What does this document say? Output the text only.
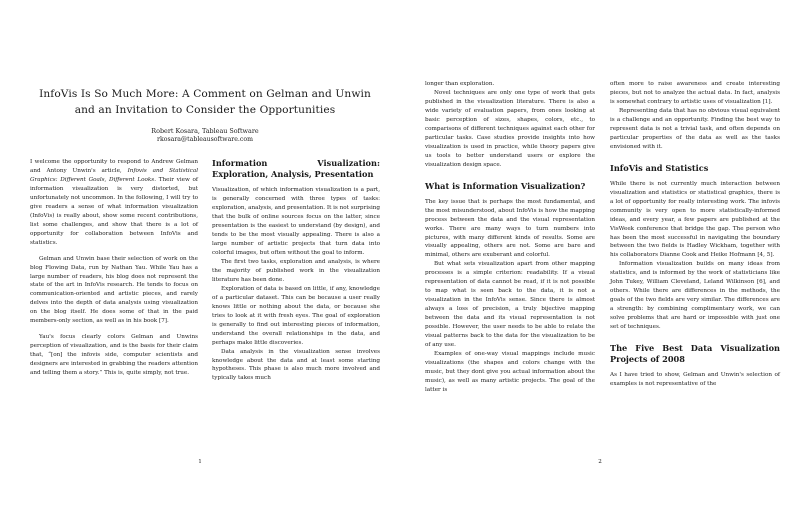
InfoVis Is So Much More: A Comment on Gelman and Unwin
and an Invitation to Consider the Opportunities

Robert Kosara, Tableau Software

rkosara@tableausoftware.com

I welcome the opportunity to respond to Andrew Gelman and Antony Unwin's article, Infovis and Statistical Graphics: Different Goals, Different Looks. Their view of information visualization is very distorted, but unfortunately not uncommon. In the following, I will try to give readers a sense of what information visualization (InfoVis) is really about, show some recent contributions, list some challenges, and show that there is a lot of opportunity for collaboration between InfoVis and statistics.

Gelman and Unwin base their selection of work on the blog Flowing Data, run by Nathan Yau. While Yau has a large number of readers, his blog does not represent the state of the art in InfoVis research. He tends to focus on communication-oriented and artistic pieces, and rarely delves into the depth of data analysis using visualization on the blog itself. He does some of that in the paid members-only section, as well as in his book [7].

Yau's focus clearly colors Gelman and Unwins perception of visualization, and is the basis for their claim that, “[on] the infovis side, computer scientists and designers are interested in grabbing the readers attention and telling them a story.” This is, quite simply, not true.

Information Visualization: Exploration, Analysis, Presentation

Visualization, of which information visualization is a part, is generally concerned with three types of tasks: exploration, analysis, and presentation. It is not surprising that the bulk of online sources focus on the latter, since presentation is the easiest to understand (by design), and tends to be the most visually appealing. There is also a large number of artistic projects that turn data into colorful images, but often without the goal to inform.

The first two tasks, exploration and analysis, is where the majority of published work in the visualization literature has been done.

Exploration of data is based on little, if any, knowledge of a particular dataset. This can be because a user really knows little or nothing about the data, or because she tries to look at it with fresh eyes. The goal of exploration is generally to find out interesting pieces of information, understand the overall relationships in the data, and perhaps make little discoveries.

Data analysis in the visualization sense involves knowledge about the data and at least some starting hypotheses. This phase is also much more involved and typically takes much

1

longer than exploration.

Novel techniques are only one type of work that gets published in the visualization literature. There is also a wide variety of evaluation papers, from ones looking at basic perception of sizes, shapes, colors, etc., to comparisons of different techniques against each other for particular tasks. Case studies provide insights into how visualization is used in practice, while theory papers give us tools to better understand users or explore the visualization design space.

What is Information Visualization?

The key issue that is perhaps the most fundamental, and the most misunderstood, about InfoVis is how the mapping process between the data and the visual representation works. There are many ways to turn numbers into pictures, with many different kinds of results. Some are visually appealing, others are not. Some are bare and minimal, others are exuberant and colorful.

But what sets visualization apart from other mapping processes is a simple criterion: readability. If a visual representation of data cannot be read, if it is not possible to map what is seen back to the data, it is not a visualization in the InfoVis sense. Since there is almost always a loss of precision, a truly bijective mapping between the data and its visual representation is not possible. However, the user needs to be able to relate the visual patterns back to the data for the visualization to be of any use.

Examples of one-way visual mappings include music visualizations (the shapes and colors change with the music, but they dont give you actual information about the music), as well as many artistic projects. The goal of the latter is

often more to raise awareness and create interesting pieces, but not to analyze the actual data. In fact, analysis is somewhat contrary to artistic uses of visualization [1].

Representing data that has no obvious visual equivalent is a challenge and an opportunity. Finding the best way to represent data is not a trivial task, and often depends on particular properties of the data as well as the tasks envisioned with it.

InfoVis and Statistics

While there is not currently much interaction between visualization and statistics or statistical graphics, there is a lot of opportunity for really interesting work. The infovis community is very open to more statistically-informed ideas, and every year, a few papers are published at the VisWeek conference that bridge the gap. The person who has been the most successful in navigating the boundary between the two fields is Hadley Wickham, together with his collaborators Dianne Cook and Heike Hofmann [4, 5].

Information visualization builds on many ideas from statistics, and is informed by the work of statisticians like John Tukey, William Cleveland, Leland Wilkinson [6], and others. While there are differences in the methods, the goals of the two fields are very similar. The differences are a strength: by combining complimentary work, we can solve problems that are hard or impossible with just one set of techniques.

The Five Best Data Visualization Projects of 2008

As I have tried to show, Gelman and Unwin's selection of examples is not representative of the

2
